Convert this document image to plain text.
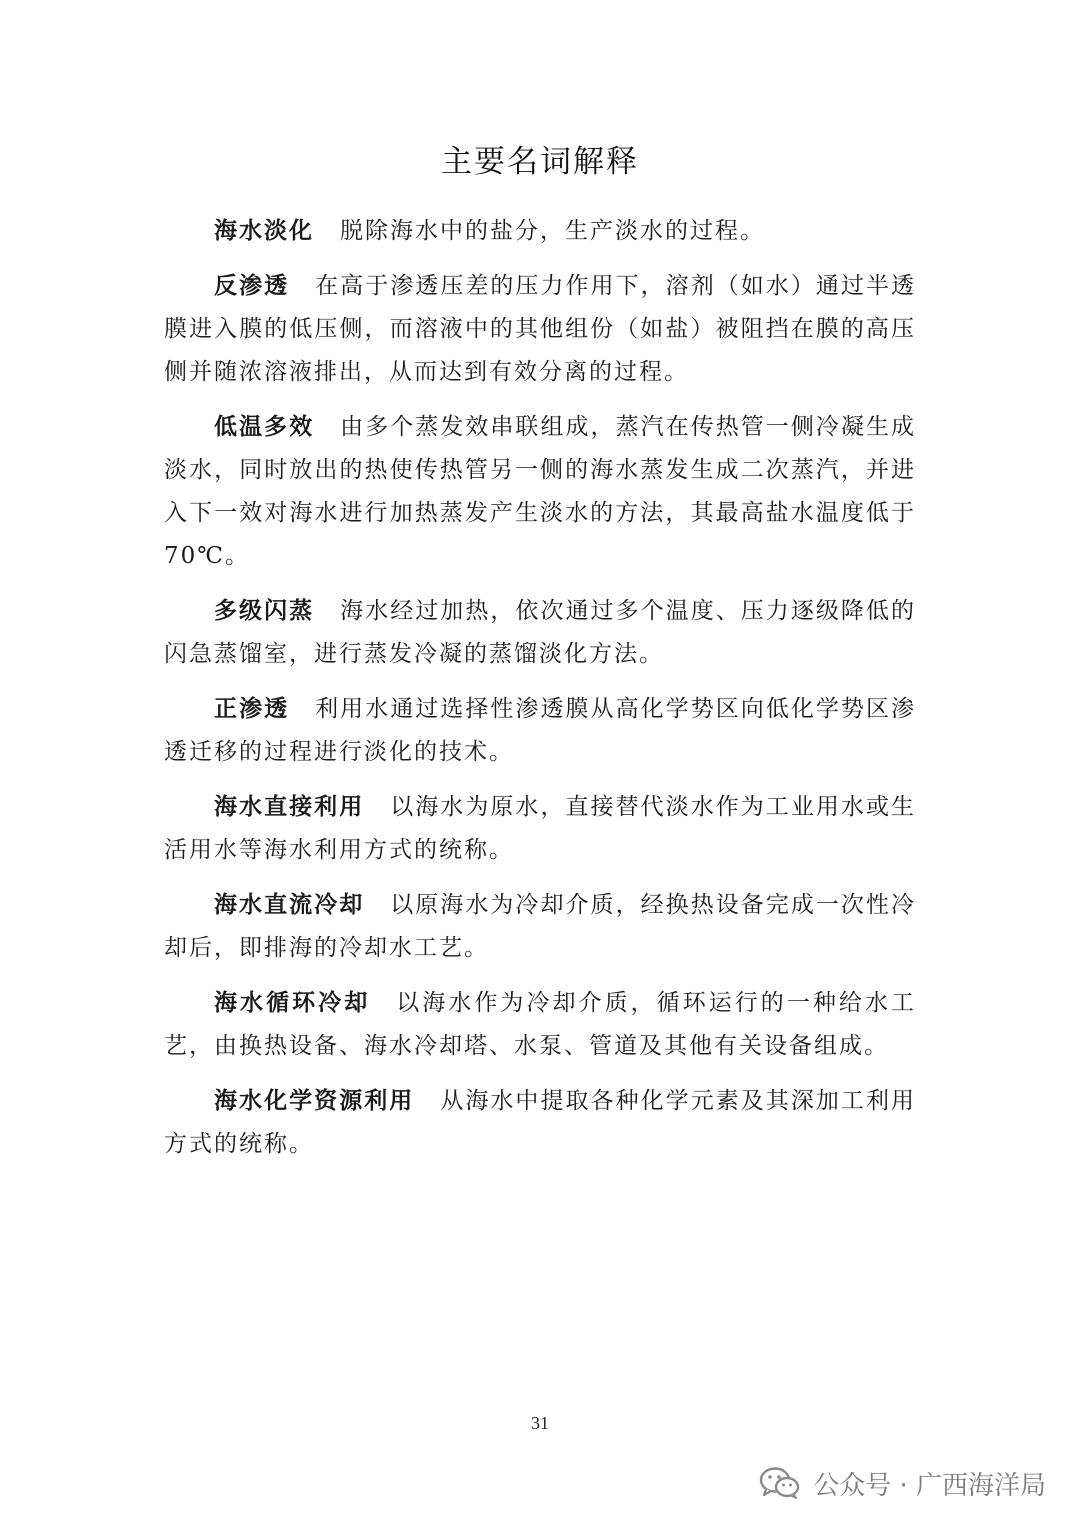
主要名词解释

海水淡化 脱除海水中的盐分，生产淡水的过程。

反渗透 在高于渗透压差的压力作用下，溶剂（如水）通过半透膜进入膜的低压侧，而溶液中的其他组份（如盐）被阻挡在膜的高压侧并随浓溶液排出，从而达到有效分离的过程。

低温多效 由多个蒸发效串联组成，蒸汽在传热管一侧冷凝生成淡水，同时放出的热使传热管另一侧的海水蒸发生成二次蒸汽，并进入下一效对海水进行加热蒸发产生淡水的方法，其最高盐水温度低于70℃。

多级闪蒸 海水经过加热，依次通过多个温度、压力逐级降低的闪急蒸馏室，进行蒸发冷凝的蒸馏淡化方法。

正渗透 利用水通过选择性渗透膜从高化学势区向低化学势区渗透迁移的过程进行淡化的技术。

海水直接利用 以海水为原水，直接替代淡水作为工业用水或生活用水等海水利用方式的统称。

海水直流冷却 以原海水为冷却介质，经换热设备完成一次性冷却后，即排海的冷却水工艺。

海水循环冷却 以海水作为冷却介质，循环运行的一种给水工艺，由换热设备、海水冷却塔、水泵、管道及其他有关设备组成。

海水化学资源利用 从海水中提取各种化学元素及其深加工利用方式的统称。

31
公众号 · 广西海洋局
